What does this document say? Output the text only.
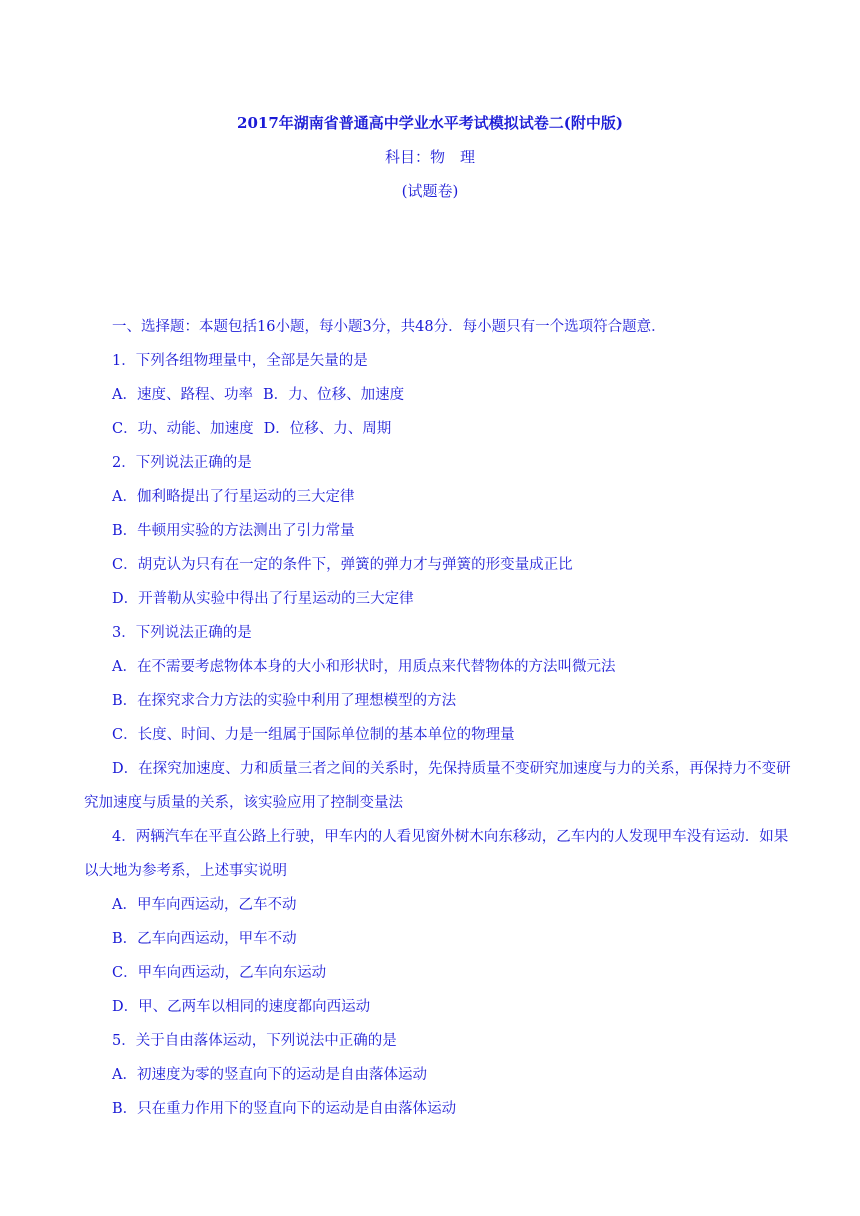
2017年湖南省普通高中学业水平考试模拟试卷二(附中版)
科目：物　理
(试题卷)

一、选择题：本题包括16小题，每小题3分，共48分．每小题只有一个选项符合题意．

1．下列各组物理量中，全部是矢量的是

A．速度、路程、功率 B．力、位移、加速度

C．功、动能、加速度 D．位移、力、周期

2．下列说法正确的是

A．伽利略提出了行星运动的三大定律

B．牛顿用实验的方法测出了引力常量

C．胡克认为只有在一定的条件下，弹簧的弹力才与弹簧的形变量成正比

D．开普勒从实验中得出了行星运动的三大定律

3．下列说法正确的是

A．在不需要考虑物体本身的大小和形状时，用质点来代替物体的方法叫微元法

B．在探究求合力方法的实验中利用了理想模型的方法

C．长度、时间、力是一组属于国际单位制的基本单位的物理量

D．在探究加速度、力和质量三者之间的关系时，先保持质量不变研究加速度与力的关系，再保持力不变研究加速度与质量的关系，该实验应用了控制变量法

4．两辆汽车在平直公路上行驶，甲车内的人看见窗外树木向东移动，乙车内的人发现甲车没有运动．如果以大地为参考系，上述事实说明

A．甲车向西运动，乙车不动

B．乙车向西运动，甲车不动

C．甲车向西运动，乙车向东运动

D．甲、乙两车以相同的速度都向西运动

5．关于自由落体运动，下列说法中正确的是

A．初速度为零的竖直向下的运动是自由落体运动

B．只在重力作用下的竖直向下的运动是自由落体运动
